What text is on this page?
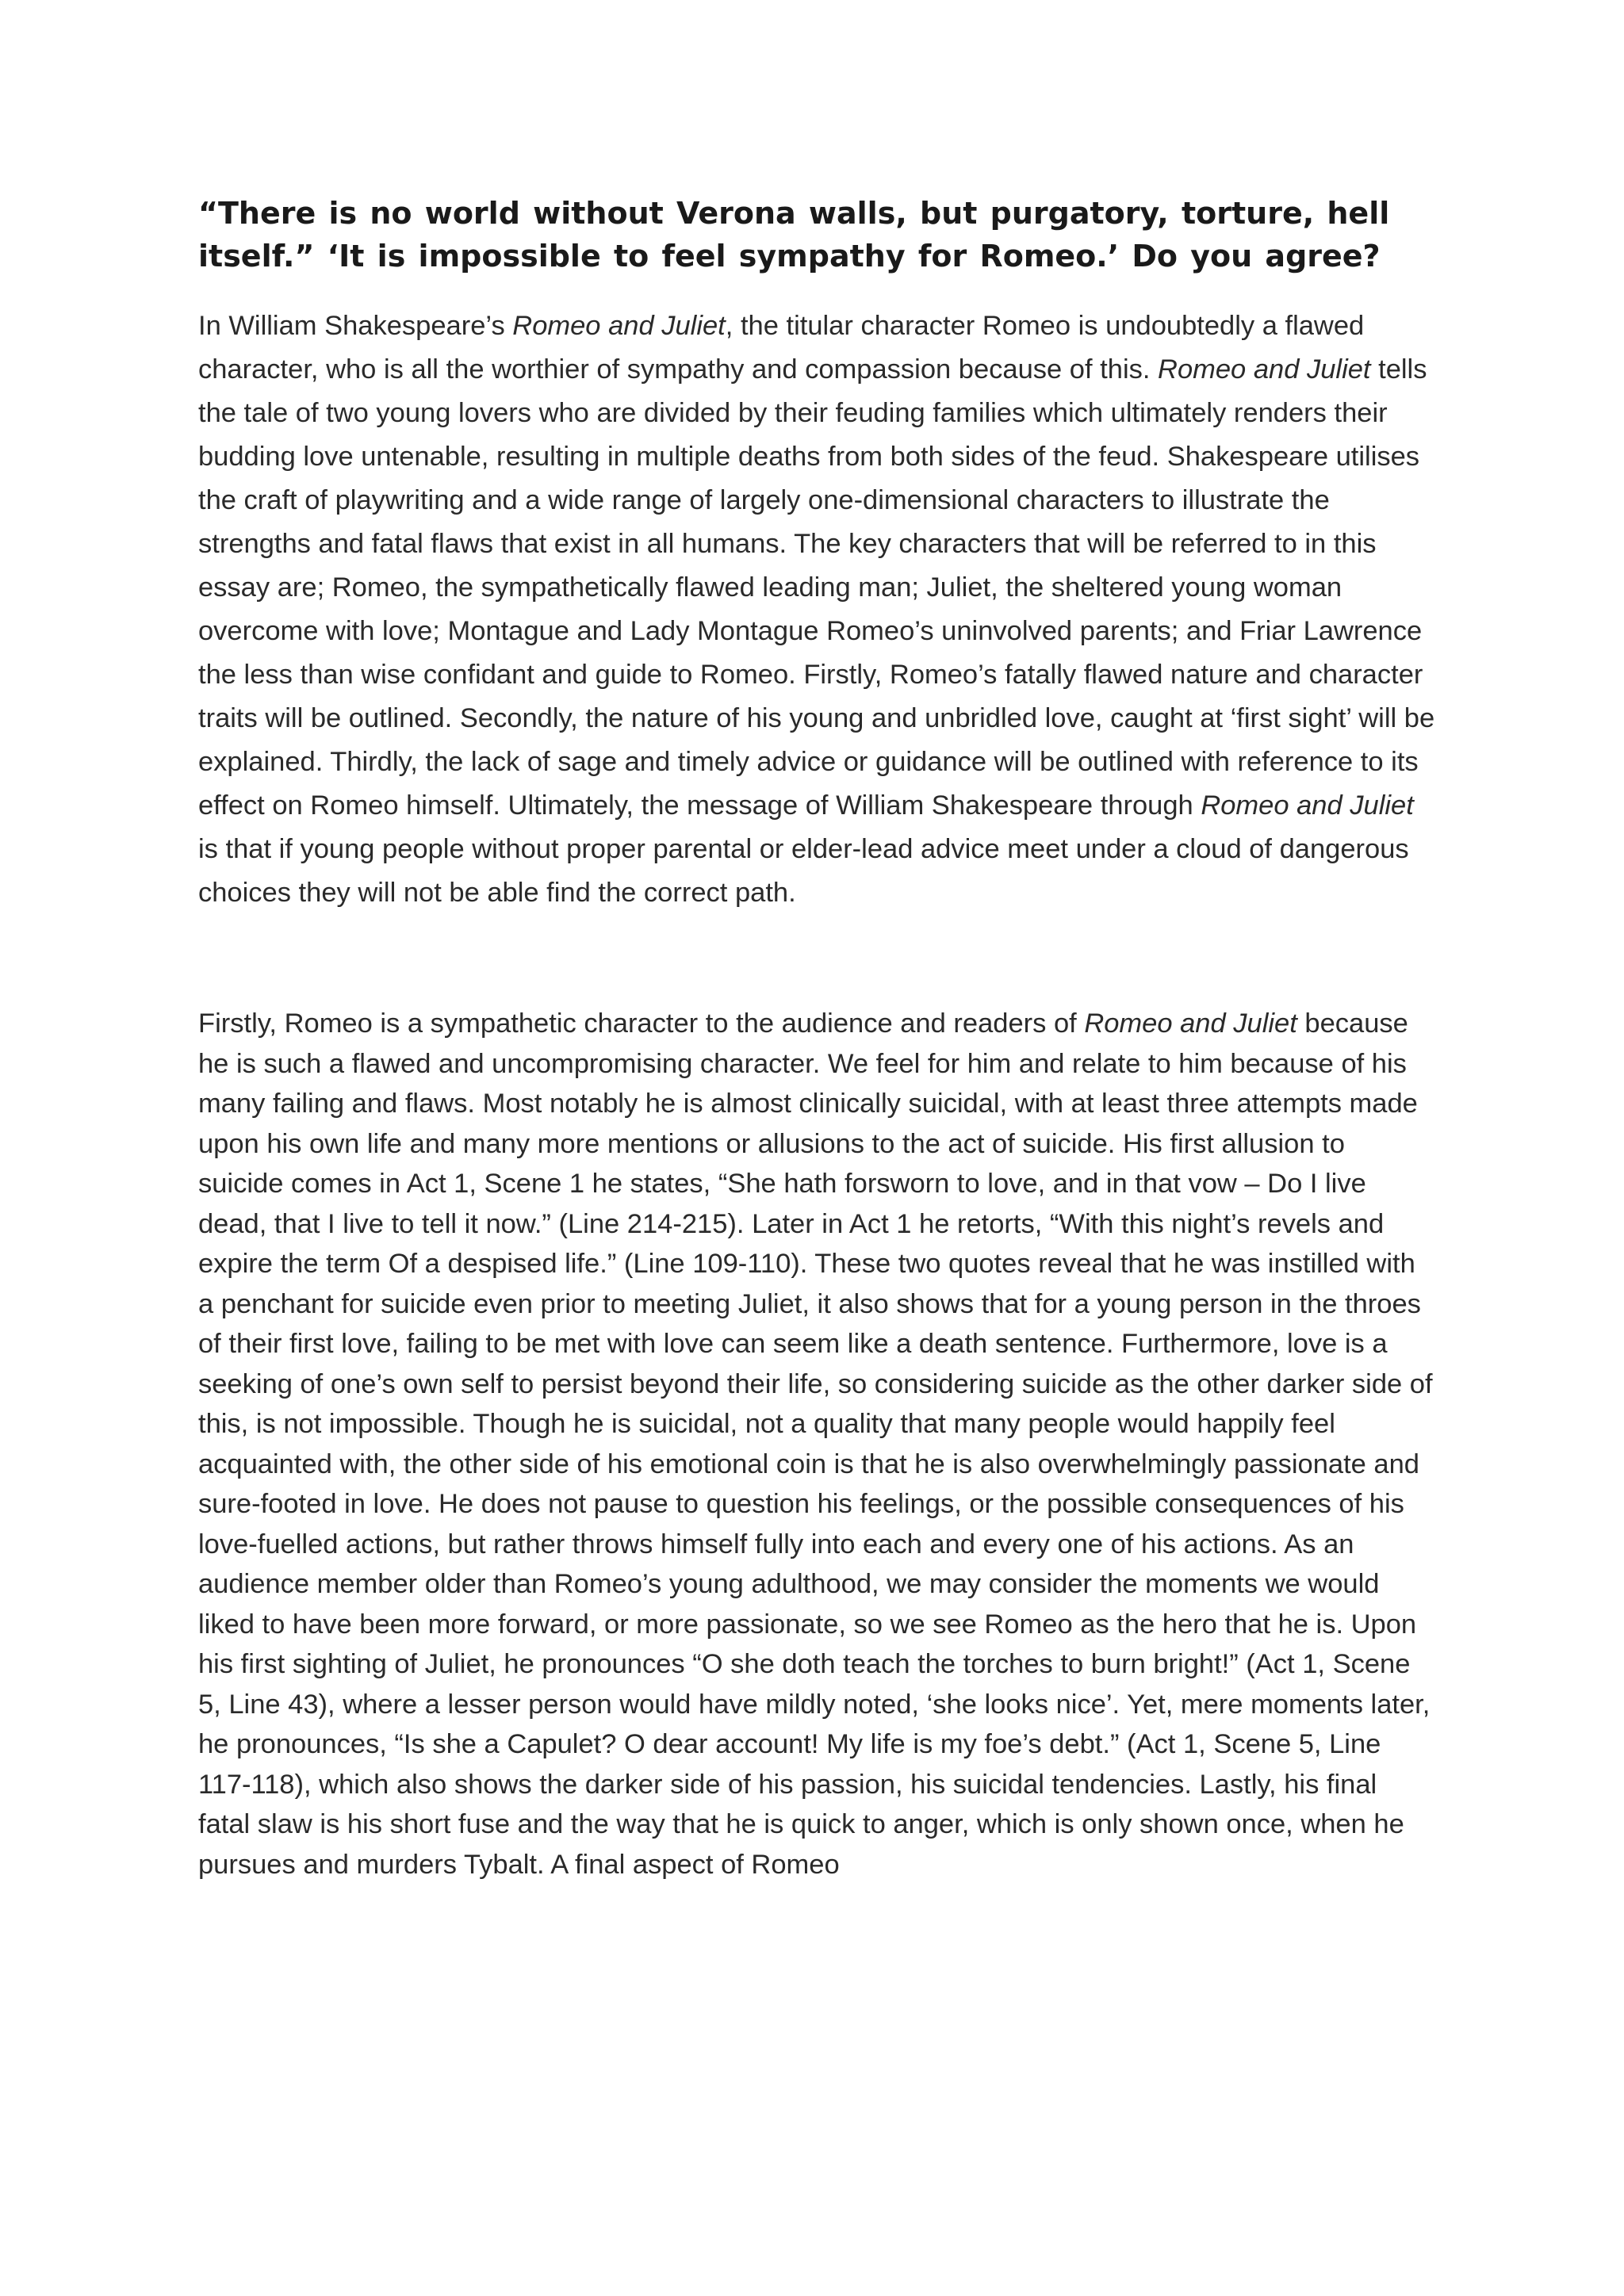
“There is no world without Verona walls, but purgatory, torture, hell itself.” ‘It is impossible to feel sympathy for Romeo.’ Do you agree?

In William Shakespeare’s Romeo and Juliet, the titular character Romeo is undoubtedly a flawed character, who is all the worthier of sympathy and compassion because of this. Romeo and Juliet tells the tale of two young lovers who are divided by their feuding families which ultimately renders their budding love untenable, resulting in multiple deaths from both sides of the feud. Shakespeare utilises the craft of playwriting and a wide range of largely one-dimensional characters to illustrate the strengths and fatal flaws that exist in all humans. The key characters that will be referred to in this essay are; Romeo, the sympathetically flawed leading man; Juliet, the sheltered young woman overcome with love; Montague and Lady Montague Romeo’s uninvolved parents; and Friar Lawrence the less than wise confidant and guide to Romeo. Firstly, Romeo’s fatally flawed nature and character traits will be outlined. Secondly, the nature of his young and unbridled love, caught at ‘first sight’ will be explained. Thirdly, the lack of sage and timely advice or guidance will be outlined with reference to its effect on Romeo himself. Ultimately, the message of William Shakespeare through Romeo and Juliet is that if young people without proper parental or elder-lead advice meet under a cloud of dangerous choices they will not be able find the correct path.

Firstly, Romeo is a sympathetic character to the audience and readers of Romeo and Juliet because he is such a flawed and uncompromising character. We feel for him and relate to him because of his many failing and flaws. Most notably he is almost clinically suicidal, with at least three attempts made upon his own life and many more mentions or allusions to the act of suicide. His first allusion to suicide comes in Act 1, Scene 1 he states, “She hath forsworn to love, and in that vow – Do I live dead, that I live to tell it now.” (Line 214-215). Later in Act 1 he retorts, “With this night’s revels and expire the term Of a despised life.” (Line 109-110). These two quotes reveal that he was instilled with a penchant for suicide even prior to meeting Juliet, it also shows that for a young person in the throes of their first love, failing to be met with love can seem like a death sentence. Furthermore, love is a seeking of one’s own self to persist beyond their life, so considering suicide as the other darker side of this, is not impossible. Though he is suicidal, not a quality that many people would happily feel acquainted with, the other side of his emotional coin is that he is also overwhelmingly passionate and sure-footed in love. He does not pause to question his feelings, or the possible consequences of his love-fuelled actions, but rather throws himself fully into each and every one of his actions. As an audience member older than Romeo’s young adulthood, we may consider the moments we would liked to have been more forward, or more passionate, so we see Romeo as the hero that he is. Upon his first sighting of Juliet, he pronounces “O she doth teach the torches to burn bright!” (Act 1, Scene 5, Line 43), where a lesser person would have mildly noted, ‘she looks nice’. Yet, mere moments later, he pronounces, “Is she a Capulet? O dear account! My life is my foe’s debt.” (Act 1, Scene 5, Line 117-118), which also shows the darker side of his passion, his suicidal tendencies. Lastly, his final fatal slaw is his short fuse and the way that he is quick to anger, which is only shown once, when he pursues and murders Tybalt. A final aspect of Romeo
